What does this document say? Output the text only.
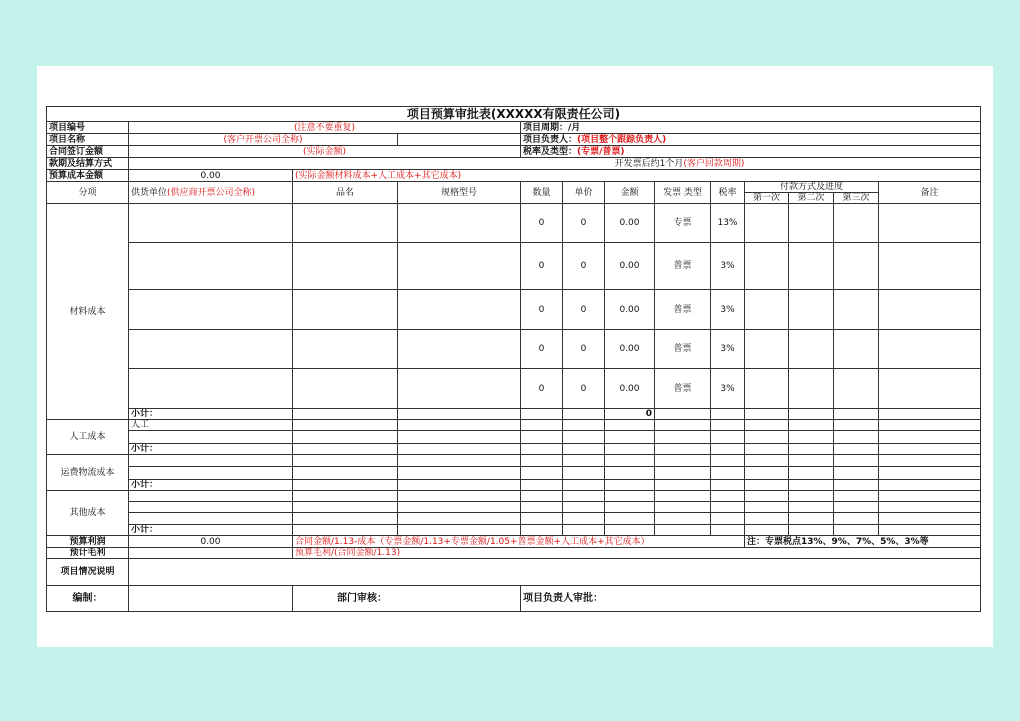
项目预算审批表(XXXXX有限责任公司)												
项目编号	(注意不要重复)			项目周期：/月								
项目名称	(客户开票公司全称)			项目负责人：(项目整个跟踪负责人)								
合同签订金额	(实际金额)			税率及类型：(专票/普票)								
款期及结算方式	开发票后约1个月(客户回款周期)											
预算成本金额	0.00	(实际金额材料成本+人工成本+其它成本)										
分项	供货单位(供应商开票公司全称)	品名	规格型号	数量	单价	金额	发票 类型	税率	付款方式及进度			备注
									第一次	第二次	第三次	
材料成本				0	0	0.00	专票	13%				
				0	0	0.00	普票	3%				
				0	0	0.00	普票	3%				
				0	0	0.00	普票	3%				
				0	0	0.00	普票	3%				
	小计：					0						
人工成本	人工											

	小计：											
运费物流成本												

	小计：											
其他成本												

	小计：											
预算利润	0.00	合同金额/1.13-成本（专票金额/1.13+专票金额/1.05+普票金额+人工成本+其它成本）							注：专票税点13%、9%、7%、5%、3%等			
预计毛利		预算毛利/(合同金额/1.13)										
项目情况说明												
编制：		部门审核：		项目负责人审批：								
